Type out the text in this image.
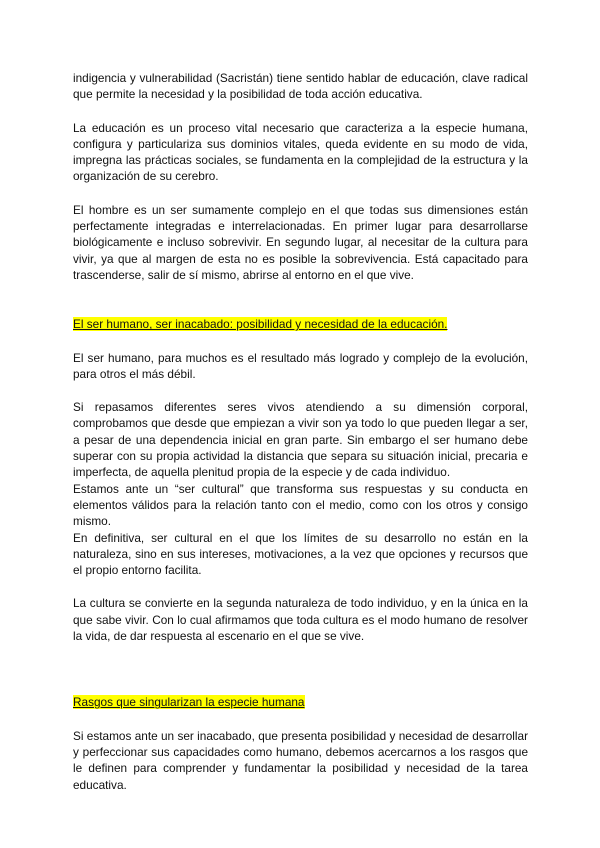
indigencia y vulnerabilidad (Sacristán) tiene sentido hablar de educación, clave radical que permite la necesidad y la posibilidad de toda acción educativa.

La educación es un proceso vital necesario que caracteriza a la especie humana, configura y particulariza sus dominios vitales, queda evidente en su modo de vida, impregna las prácticas sociales, se fundamenta en la complejidad de la estructura y la organización de su cerebro.

El hombre es un ser sumamente complejo en el que todas sus dimensiones están perfectamente integradas e interrelacionadas. En primer lugar para desarrollarse biológicamente e incluso sobrevivir. En segundo lugar, al necesitar de la cultura para vivir, ya que al margen de esta no es posible la sobrevivencia. Está capacitado para trascenderse, salir de sí mismo, abrirse al entorno en el que vive.

El ser humano, ser inacabado: posibilidad y necesidad de la educación.

El ser humano, para muchos es el resultado más logrado y complejo de la evolución, para otros el más débil.

Si repasamos diferentes seres vivos atendiendo a su dimensión corporal, comprobamos que desde que empiezan a vivir son ya todo lo que pueden llegar a ser, a pesar de una dependencia inicial en gran parte. Sin embargo el ser humano debe superar con su propia actividad la distancia que separa su situación inicial, precaria e imperfecta, de aquella plenitud propia de la especie y de cada individuo.

Estamos ante un “ser cultural” que transforma sus respuestas y su conducta en elementos válidos para la relación tanto con el medio, como con los otros y consigo mismo.

En definitiva, ser cultural en el que los límites de su desarrollo no están en la naturaleza, sino en sus intereses, motivaciones, a la vez que opciones y recursos que el propio entorno facilita.

La cultura se convierte en la segunda naturaleza de todo individuo, y en la única en la que sabe vivir. Con lo cual afirmamos que toda cultura es el modo humano de resolver la vida, de dar respuesta al escenario en el que se vive.

Rasgos que singularizan la especie humana

Si estamos ante un ser inacabado, que presenta posibilidad y necesidad de desarrollar y perfeccionar sus capacidades como humano, debemos acercarnos a los rasgos que le definen para comprender y fundamentar la posibilidad y necesidad de la tarea educativa.
